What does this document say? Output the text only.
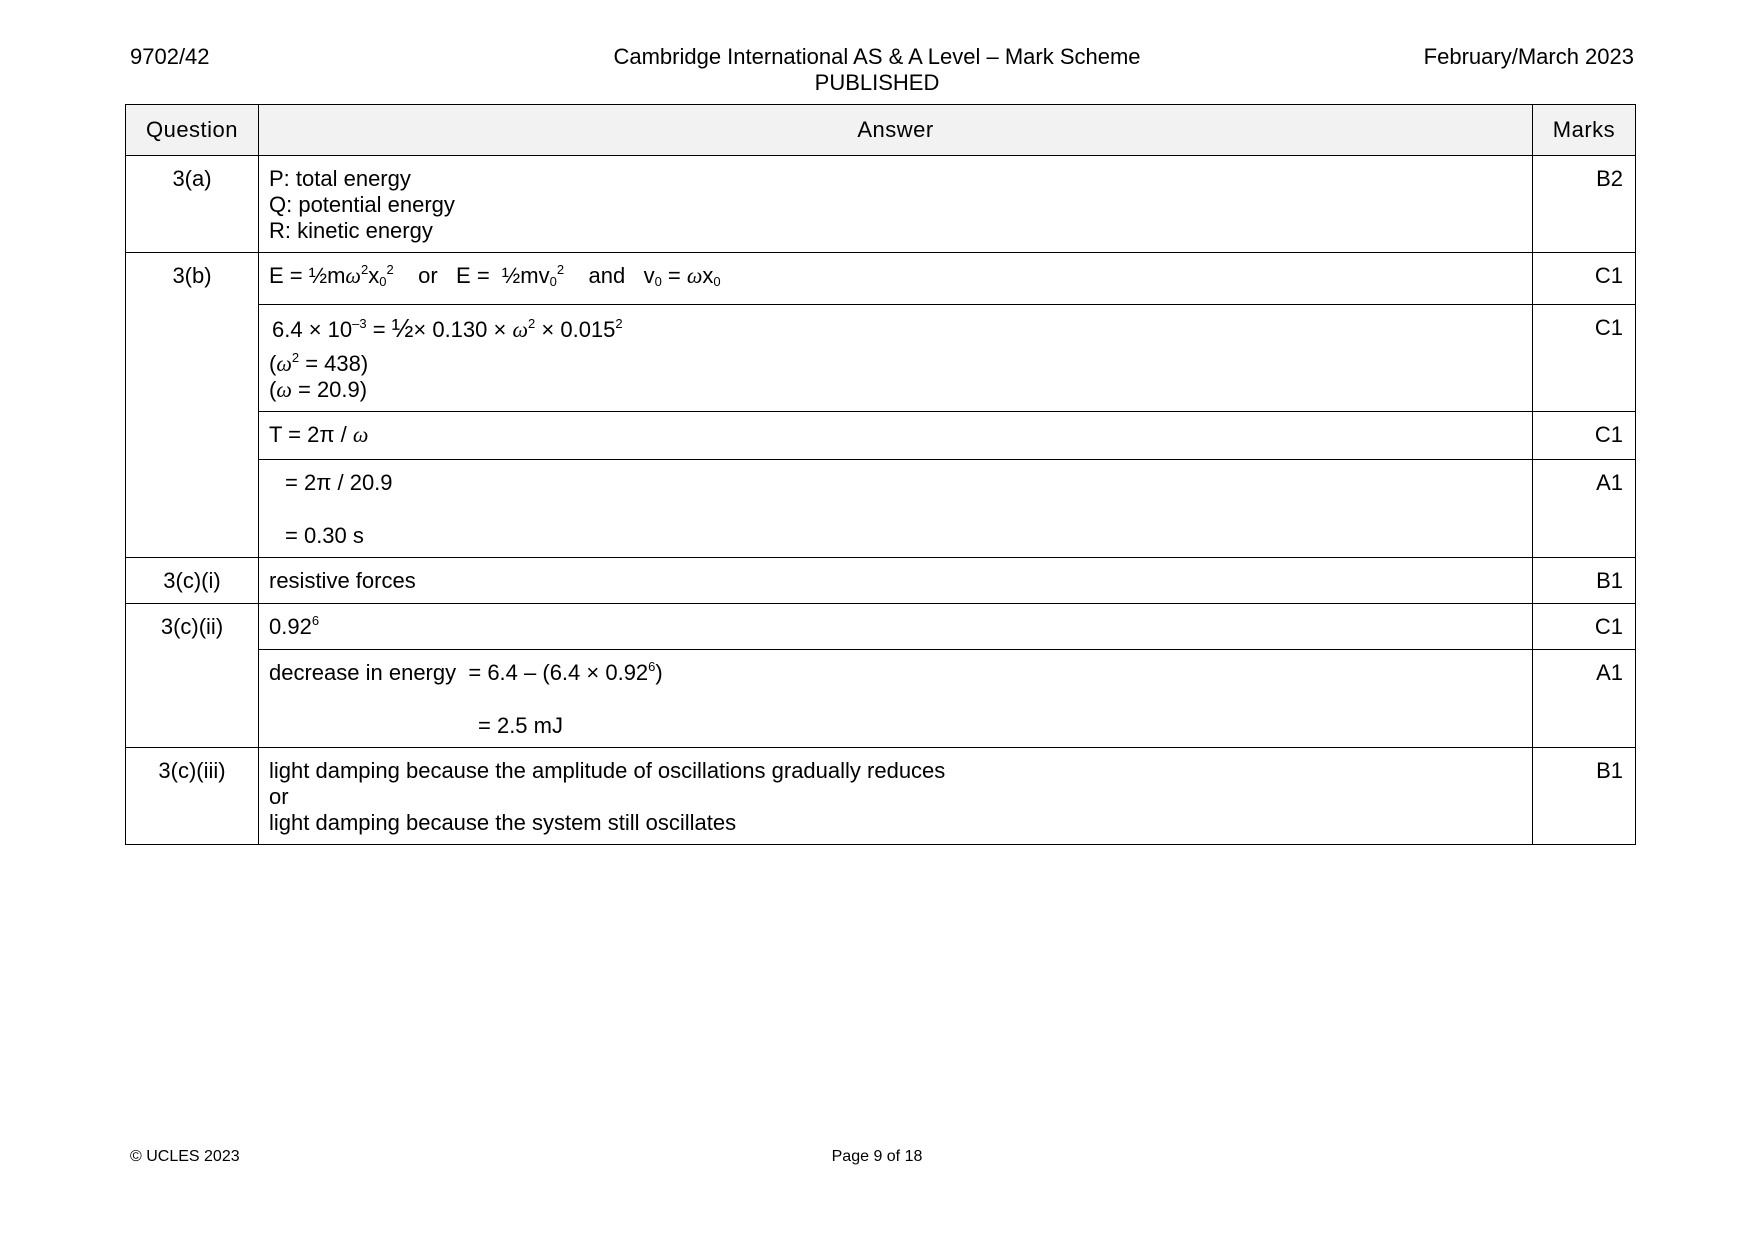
9702/42	Cambridge International AS & A Level – Mark Scheme
PUBLISHED
February/March 2023
Question	Answer	Marks
3(a)	P: total energy
Q: potential energy
R: kinetic energy	B2
3(b)	$E = \frac{1}{2}m\omega^2x_0^2$ or $E = \frac{1}{2}mv_0^2$ and $v_0 = \omega x_0$	C1

	$6.4 \times 10^{-3}$ = ½× $0.130 \times \omega^2 \times 0.015^2$
$(\omega^2 = 438)$
(ω = 20.9)	C1

	T = 2π / ω	C1

	= 2π / 20.9
= 0.30 s	A1
3(c)(i)	resistive forces	B1
3(c)(ii)	0.92$^6$	C1

	decrease in energy = $6.4 - (6.4 \times 0.92^6)$
= 2.5 mJ	A1
3(c)(iii)	light damping because the amplitude of oscillations gradually reduces
or
light damping because the system still oscillates	B1
© UCLES 2023	Page 9 of 18
